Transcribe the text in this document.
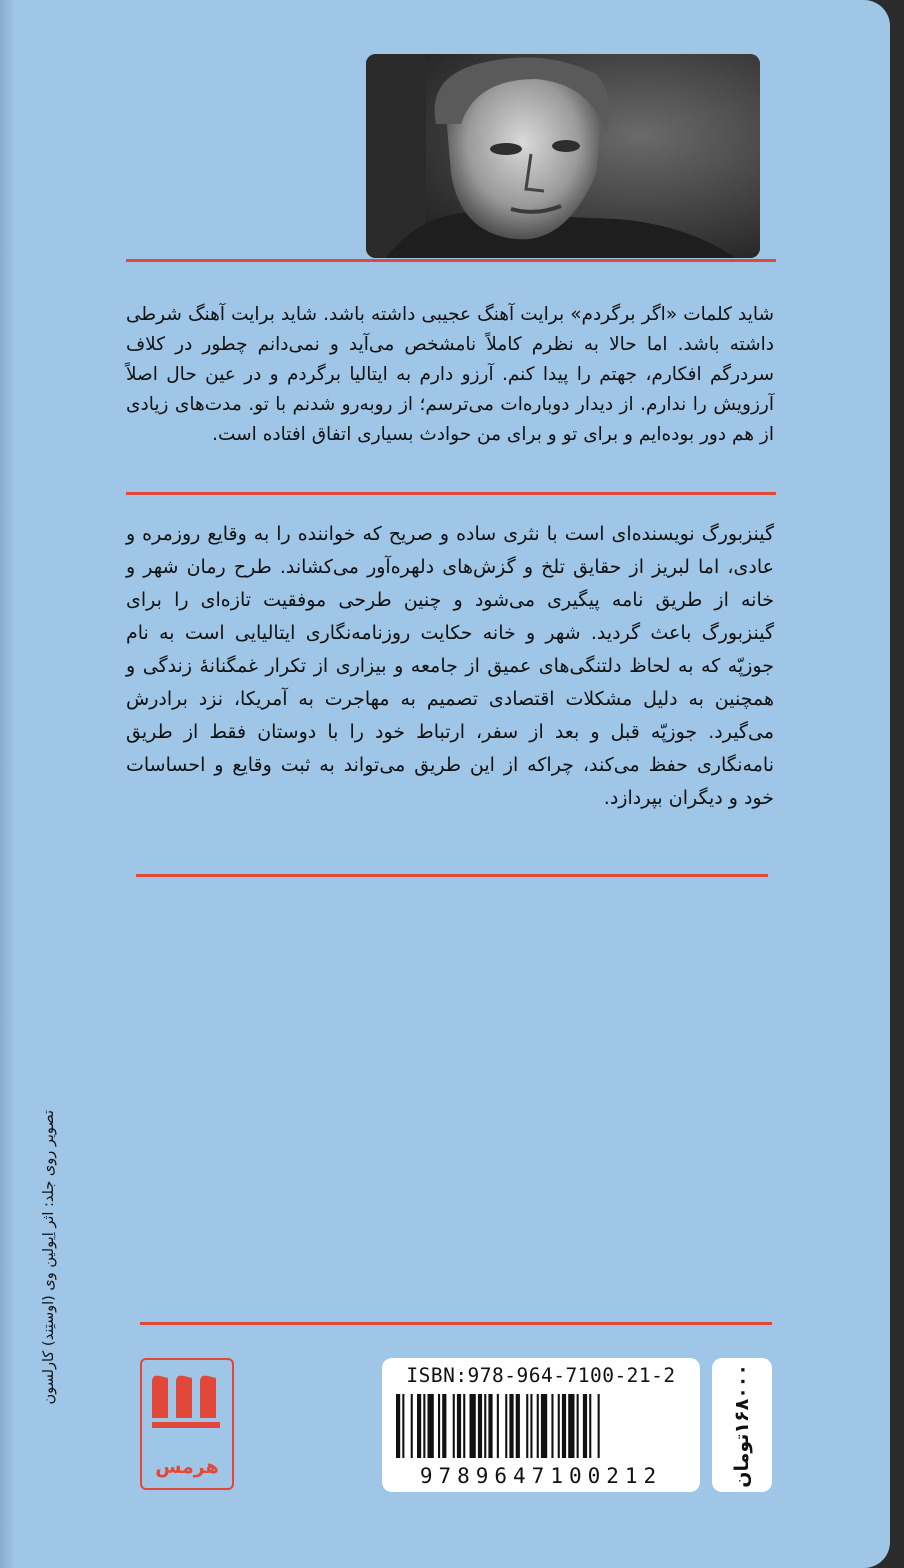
شاید کلمات «اگر برگردم» برایت آهنگ عجیبی داشته باشد. شاید برایت آهنگ شرطی داشته باشد. اما حالا به نظرم کاملاً نامشخص می‌آید و نمی‌دانم چطور در کلاف سردرگم افکارم، جهتم را پیدا کنم. آرزو دارم به ایتالیا برگردم و در عین حال اصلاً آرزویش را ندارم. از دیدار دوباره‌ات می‌ترسم؛ از روبه‌رو شدنم با تو. مدت‌های زیادی از هم دور بوده‌ایم و برای تو و برای من حوادث بسیاری اتفاق افتاده است.

گینزبورگ نویسنده‌ای است با نثری ساده و صریح که خواننده را به وقایع روزمره و عادی، اما لبریز از حقایق تلخ و گزش‌های دلهره‌آور می‌کشاند. طرح رمان شهر و خانه از طریق نامه پیگیری می‌شود و چنین طرحی موفقیت تازه‌ای را برای گینزبورگ باعث گردید. شهر و خانه حکایت روزنامه‌نگاری ایتالیایی است به نام جوزپّه که به لحاظ دلتنگی‌های عمیق از جامعه و بیزاری از تکرار غمگنانهٔ زندگی و همچنین به دلیل مشکلات اقتصادی تصمیم به مهاجرت به آمریکا، نزد برادرش می‌گیرد. جوزپّه قبل و بعد از سفر، ارتباط خود را با دوستان فقط از طریق نامه‌نگاری حفظ می‌کند، چراکه از این طریق می‌تواند به ثبت وقایع و احساسات خود و دیگران بپردازد.

تصویر روی جلد: اثر اِیولین وی (اوستِند) کارلسون
هرمس
ISBN:978-964-7100-21-2
9789647100212	۱۶۸۰۰۰تومان
